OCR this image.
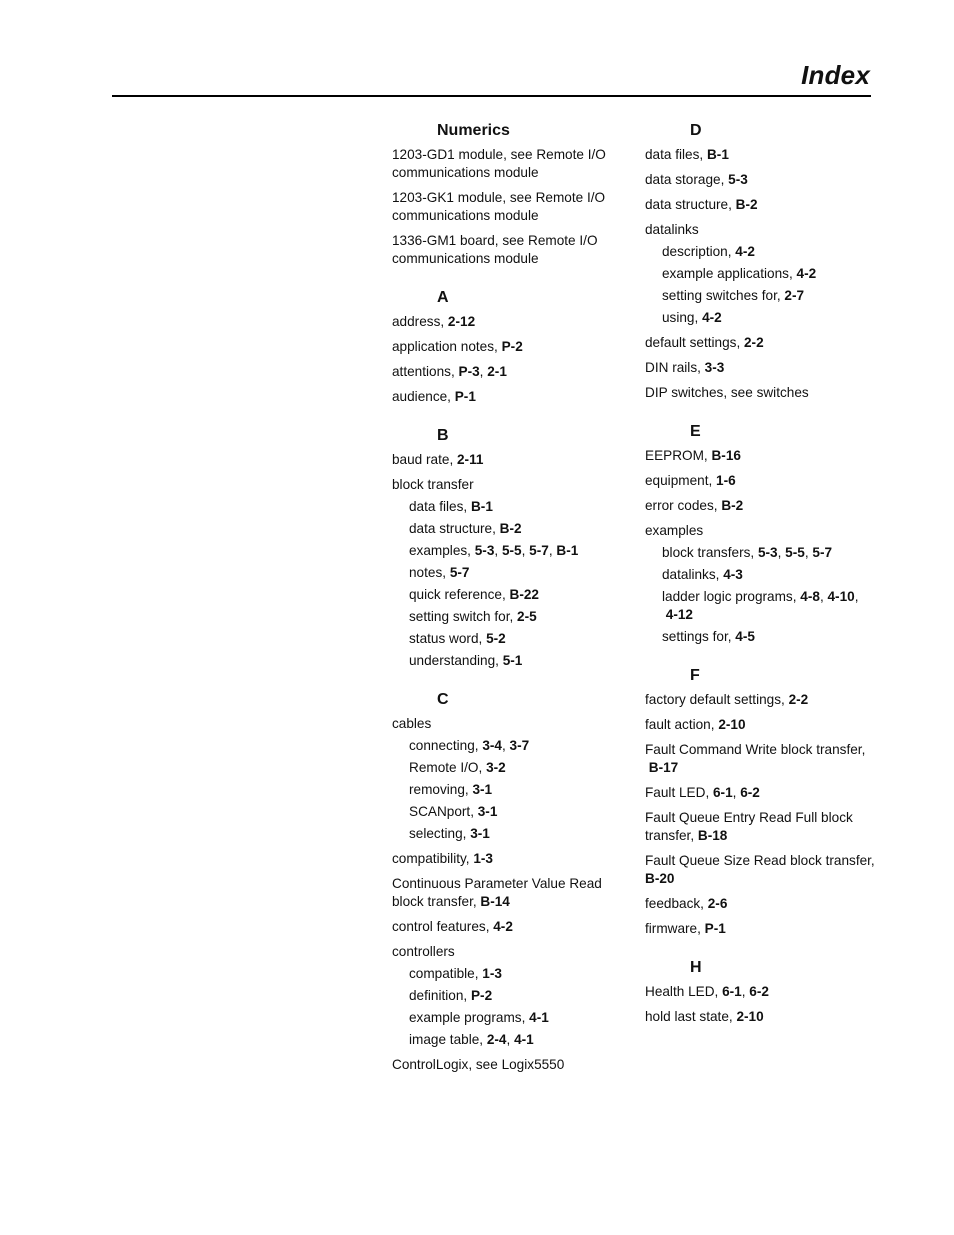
Index
Numerics
1203-GD1 module, see Remote I/O
communications module
1203-GK1 module, see Remote I/O
communications module
1336-GM1 board, see Remote I/O
communications module
A
address, 2-12
application notes, P-2
attentions, P-3, 2-1
audience, P-1
B
baud rate, 2-11
block transfer
data files, B-1
data structure, B-2
examples, 5-3, 5-5, 5-7, B-1
notes, 5-7
quick reference, B-22
setting switch for, 2-5
status word, 5-2
understanding, 5-1
C
cables
connecting, 3-4, 3-7
Remote I/O, 3-2
removing, 3-1
SCANport, 3-1
selecting, 3-1
compatibility, 1-3
Continuous Parameter Value Read
block transfer, B-14
control features, 4-2
controllers
compatible, 1-3
definition, P-2
example programs, 4-1
image table, 2-4, 4-1
ControlLogix, see Logix5550
D
data files, B-1
data storage, 5-3
data structure, B-2
datalinks
description, 4-2
example applications, 4-2
setting switches for, 2-7
using, 4-2
default settings, 2-2
DIN rails, 3-3
DIP switches, see switches
E
EEPROM, B-16
equipment, 1-6
error codes, B-2
examples
block transfers, 5-3, 5-5, 5-7
datalinks, 4-3
ladder logic programs, 4-8, 4-10,
4-12
settings for, 4-5
F
factory default settings, 2-2
fault action, 2-10
Fault Command Write block transfer,
B-17
Fault LED, 6-1, 6-2
Fault Queue Entry Read Full block
transfer, B-18
Fault Queue Size Read block transfer,
B-20
feedback, 2-6
firmware, P-1
H
Health LED, 6-1, 6-2
hold last state, 2-10
